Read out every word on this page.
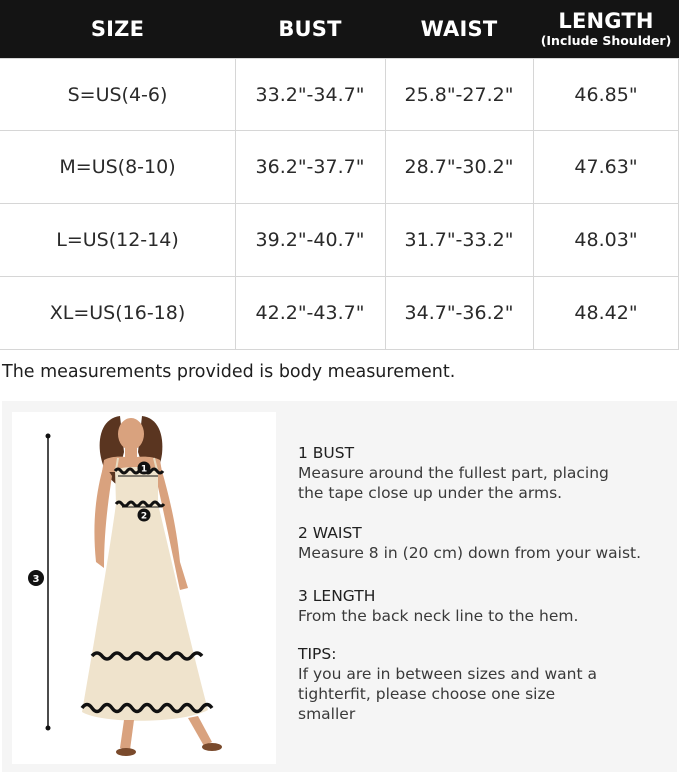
SIZE	BUST	WAIST	LENGTH
(Include Shoulder)
S=US(4-6)	33.2"-34.7"	25.8"-27.2"	46.85"
M=US(8-10)	36.2"-37.7"	28.7"-30.2"	47.63"
L=US(12-14)	39.2"-40.7"	31.7"-33.2"	48.03"
XL=US(16-18)	42.2"-43.7"	34.7"-36.2"	48.42"
The measurements provided is body measurement.
3
1
2
1 BUST
Measure around the fullest part, placing
the tape close up under the arms.
2 WAIST
Measure 8 in (20 cm) down from your waist.
3 LENGTH
From the back neck line to the hem.
TIPS:
If you are in between sizes and want a
tighterfit, please choose one size
smaller
